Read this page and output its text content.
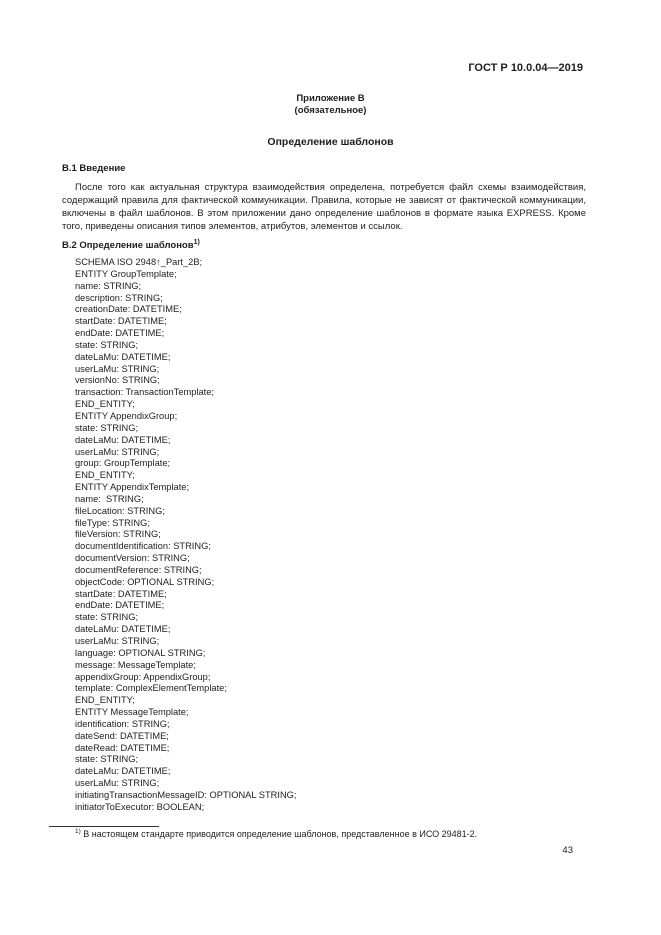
ГОСТ Р 10.0.04—2019
Приложение В
(обязательное)
Определение шаблонов
В.1 Введение
После того как актуальная структура взаимодействия определена, потребуется файл схемы взаимодействия, содержащий правила для фактической коммуникации. Правила, которые не зависят от фактической коммуникации, включены в файл шаблонов. В этом приложении дано определение шаблонов в формате языка EXPRESS. Кроме того, приведены описания типов элементов, атрибутов, элементов и ссылок.
В.2 Определение шаблонов$^{1)}$
SCHEMA ISO 2948↑_Part_2B;
ENTITY GroupTemplate;
name: STRING;
description: STRING;
creationDate: DATETIME;
startDate: DATETIME;
endDate: DATETIME;
state: STRING;
dateLaMu: DATETIME;
userLaMu: STRING;
versionNo: STRING;
transaction: TransactionTemplate;
END_ENTITY;
ENTITY AppendixGroup;
state: STRING;
dateLaMu: DATETIME;
userLaMu: STRING;
group: GroupTemplate;
END_ENTITY;
ENTITY AppendixTemplate;
name:  STRING;
fileLocation: STRING;
fileType: STRING;
fileVersion: STRING;
documentIdentification: STRING;
documentVersion: STRING;
documentReference: STRING;
objectCode: OPTIONAL STRING;
startDate: DATETIME;
endDate: DATETIME;
state: STRING;
dateLaMu: DATETIME;
userLaMu: STRING;
language: OPTIONAL STRING;
message: MessageTemplate;
appendixGroup: AppendixGroup;
template: ComplexElementTemplate;
END_ENTITY;
ENTITY MessageTemplate;
identification: STRING;
dateSend: DATETIME;
dateRead: DATETIME;
state: STRING;
dateLaMu: DATETIME;
userLaMu: STRING;
initiatingTransactionMessageID: OPTIONAL STRING;
initiatorToExecutor: BOOLEAN;
$^{1)}$ В настоящем стандарте приводится определение шаблонов, представленное в ИСО 29481-2.
43
